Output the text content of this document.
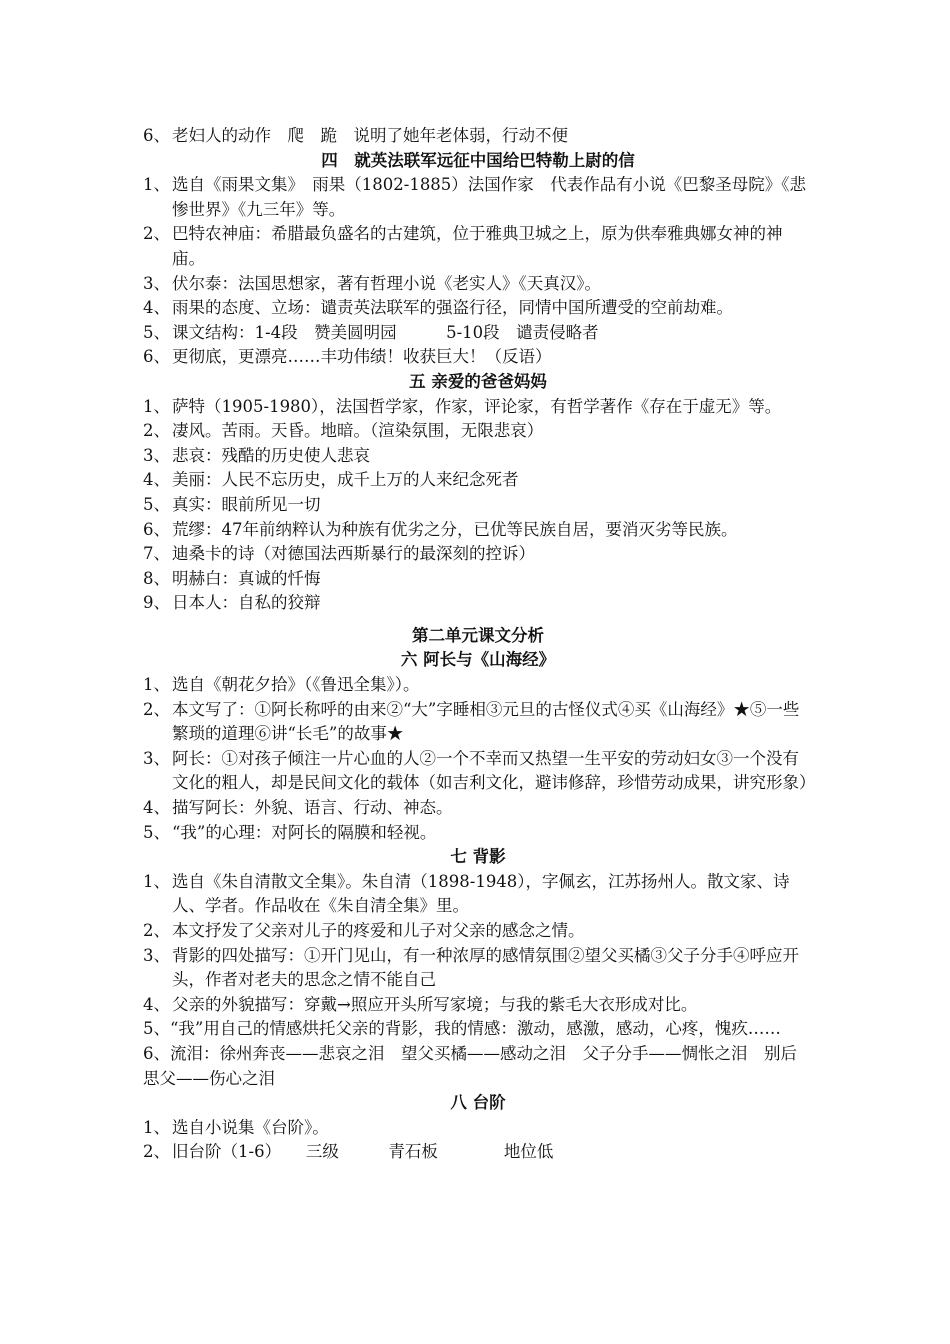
6、 老妇人的动作　爬　跪　说明了她年老体弱，行动不便
四　就英法联军远征中国给巴特勒上尉的信
1、 选自《雨果文集》　雨果（1802-1885）法国作家　代表作品有小说《巴黎圣母院》《悲惨世界》《九三年》等。
2、 巴特农神庙：希腊最负盛名的古建筑，位于雅典卫城之上，原为供奉雅典娜女神的神庙。
3、 伏尔泰：法国思想家，著有哲理小说《老实人》《天真汉》。
4、 雨果的态度、立场：谴责英法联军的强盗行径，同情中国所遭受的空前劫难。
5、 课文结构：1-4段　赞美圆明园　　　5-10段　谴责侵略者
6、 更彻底，更漂亮……丰功伟绩！收获巨大！（反语）
五 亲爱的爸爸妈妈
1、 萨特（1905-1980），法国哲学家，作家，评论家，有哲学著作《存在于虚无》等。
2、 凄风。苦雨。天昏。地暗。（渲染氛围，无限悲哀）
3、 悲哀：残酷的历史使人悲哀
4、 美丽：人民不忘历史，成千上万的人来纪念死者
5、 真实：眼前所见一切
6、 荒缪：47年前纳粹认为种族有优劣之分，已优等民族自居，要消灭劣等民族。
7、 迪桑卡的诗（对德国法西斯暴行的最深刻的控诉）
8、 明赫白：真诚的忏悔
9、 日本人：自私的狡辩
第二单元课文分析
六 阿长与《山海经》
1、 选自《朝花夕拾》（《鲁迅全集》）。
2、 本文写了：①阿长称呼的由来②“大”字睡相③元旦的古怪仪式④买《山海经》★⑤一些繁琐的道理⑥讲“长毛”的故事★
3、 阿长：①对孩子倾注一片心血的人②一个不幸而又热望一生平安的劳动妇女③一个没有文化的粗人，却是民间文化的载体（如吉利文化，避讳修辞，珍惜劳动成果，讲究形象）
4、 描写阿长：外貌、语言、行动、神态。
5、 “我”的心理：对阿长的隔膜和轻视。
七 背影
1、 选自《朱自清散文全集》。朱自清（1898-1948），字佩玄，江苏扬州人。散文家、诗人、学者。作品收在《朱自清全集》里。
2、 本文抒发了父亲对儿子的疼爱和儿子对父亲的感念之情。
3、 背影的四处描写：①开门见山，有一种浓厚的感情氛围②望父买橘③父子分手④呼应开头，作者对老夫的思念之情不能自己
4、 父亲的外貌描写：穿戴→照应开头所写家境；与我的紫毛大衣形成对比。
5、“我”用自己的情感烘托父亲的背影，我的情感：激动，感激，感动，心疼，愧疚……
6、流泪：徐州奔丧——悲哀之泪　望父买橘——感动之泪　父子分手——惆怅之泪　别后思父——伤心之泪
八 台阶
1、 选自小说集《台阶》。
2、 旧台阶（1-6）　　三级　　　青石板　　　　地位低
